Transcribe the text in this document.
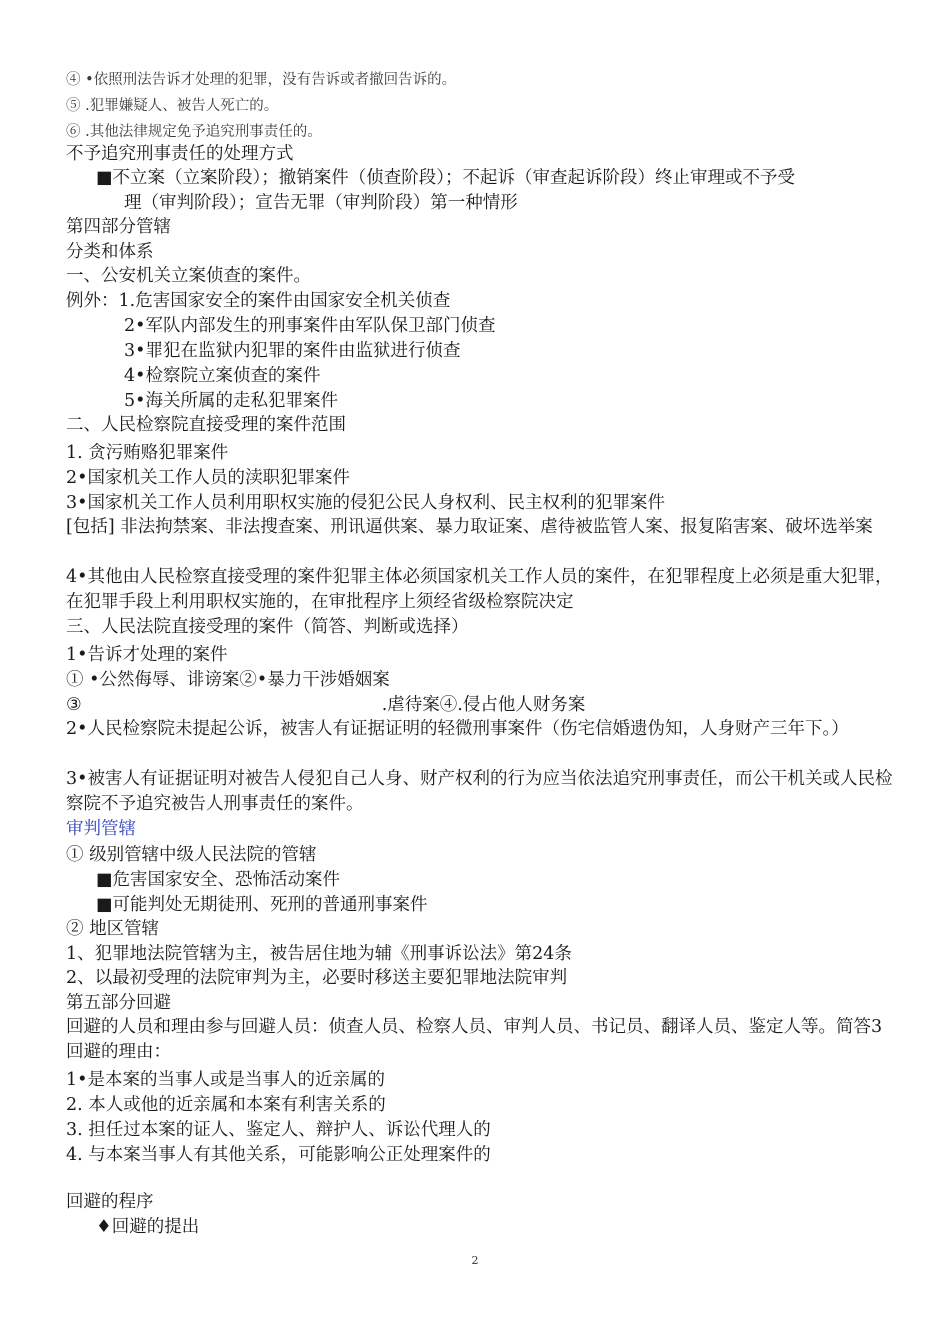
④ •依照刑法告诉才处理的犯罪，没有告诉或者撤回告诉的。
⑤ .犯罪嫌疑人、被告人死亡的。
⑥ .其他法律规定免予追究刑事责任的。
不予追究刑事责任的处理方式
■不立案（立案阶段）；撤销案件（侦查阶段）；不起诉（审查起诉阶段）终止审理或不予受
理（审判阶段）；宣告无罪（审判阶段）第一种情形
第四部分管辖
分类和体系
一、公安机关立案侦查的案件。
例外：1.危害国家安全的案件由国家安全机关侦查
2•军队内部发生的刑事案件由军队保卫部门侦查
3•罪犯在监狱内犯罪的案件由监狱进行侦查
4•检察院立案侦查的案件
5•海关所属的走私犯罪案件
二、人民检察院直接受理的案件范围
1. 贪污贿赂犯罪案件
2•国家机关工作人员的渎职犯罪案件
3•国家机关工作人员利用职权实施的侵犯公民人身权利、民主权利的犯罪案件
[包括] 非法拘禁案、非法搜查案、刑讯逼供案、暴力取证案、虐待被监管人案、报复陷害案、破坏选举案
4•其他由人民检察直接受理的案件犯罪主体必须国家机关工作人员的案件，在犯罪程度上必须是重大犯罪，在犯罪手段上利用职权实施的，在审批程序上须经省级检察院决定
三、人民法院直接受理的案件（简答、判断或选择）
1•告诉才处理的案件
① •公然侮辱、诽谤案②•暴力干涉婚姻案
③	.虐待案④.侵占他人财务案
2•人民检察院未提起公诉，被害人有证据证明的轻微刑事案件（伤宅信婚遗伪知，人身财产三年下。）
3•被害人有证据证明对被告人侵犯自己人身、财产权利的行为应当依法追究刑事责任，而公干机关或人民检察院不予追究被告人刑事责任的案件。
审判管辖
① 级别管辖中级人民法院的管辖
■危害国家安全、恐怖活动案件
■可能判处无期徒刑、死刑的普通刑事案件
② 地区管辖
1、犯罪地法院管辖为主，被告居住地为辅《刑事诉讼法》第24条
2、以最初受理的法院审判为主，必要时移送主要犯罪地法院审判
第五部分回避
回避的人员和理由参与回避人员：侦查人员、检察人员、审判人员、书记员、翻译人员、鉴定人等。简答3回避的理由：
1•是本案的当事人或是当事人的近亲属的
2. 本人或他的近亲属和本案有利害关系的
3. 担任过本案的证人、鉴定人、辩护人、诉讼代理人的
4. 与本案当事人有其他关系，可能影响公正处理案件的
回避的程序
♦回避的提出
2
